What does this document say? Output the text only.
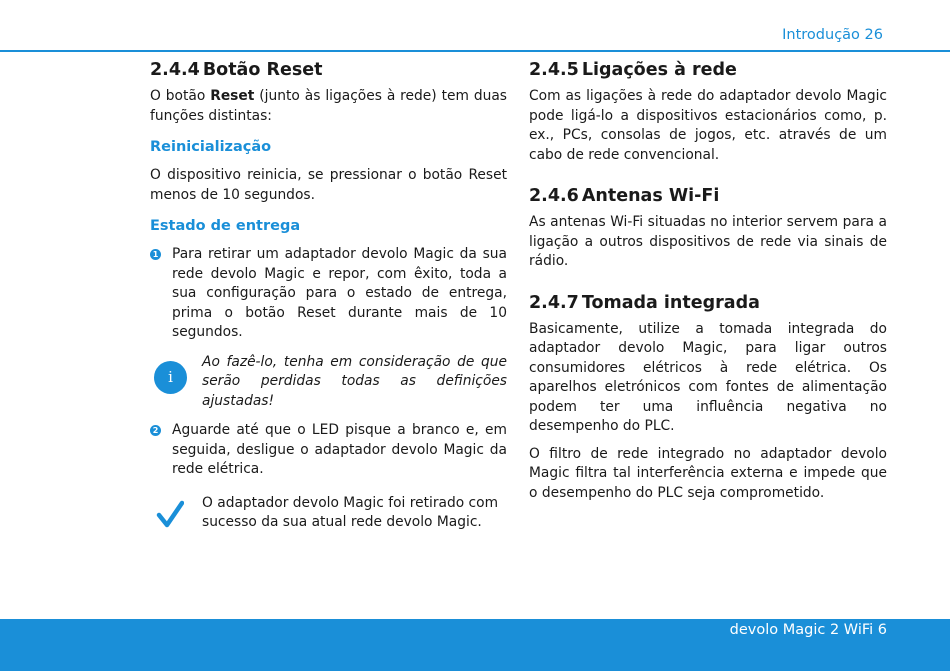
Introdução 26
2.4.4 Botão Reset

O botão Reset (junto às ligações à rede) tem duas funções distintas:

Reinicialização

O dispositivo reinicia, se pressionar o botão Reset menos de 10 segundos.

Estado de entrega
1 Para retirar um adaptador devolo Magic da sua rede devolo Magic e repor, com êxito, toda a sua configuração para o estado de entrega, prima o botão Reset durante mais de 10 segundos.

i

Ao fazê-lo, tenha em consideração de que serão perdidas todas as definições ajustadas!

2 Aguarde até que o LED pisque a branco e, em seguida, desligue o adaptador devolo Magic da rede elétrica.

O adaptador devolo Magic foi retirado com sucesso da sua atual rede devolo Magic.

2.4.5 Ligações à rede

Com as ligações à rede do adaptador devolo Magic pode ligá-lo a dispositivos estacionários como, p. ex., PCs, consolas de jogos, etc. através de um cabo de rede convencional.

2.4.6 Antenas Wi-Fi

As antenas Wi-Fi situadas no interior servem para a ligação a outros dispositivos de rede via sinais de rádio.

2.4.7 Tomada integrada

Basicamente, utilize a tomada integrada do adaptador devolo Magic, para ligar outros consumidores elétricos à rede elétrica. Os aparelhos eletrónicos com fontes de alimentação podem ter uma influência negativa no desempenho do PLC.

O filtro de rede integrado no adaptador devolo Magic filtra tal interferência externa e impede que o desempenho do PLC seja comprometido.

devolo Magic 2 WiFi 6
